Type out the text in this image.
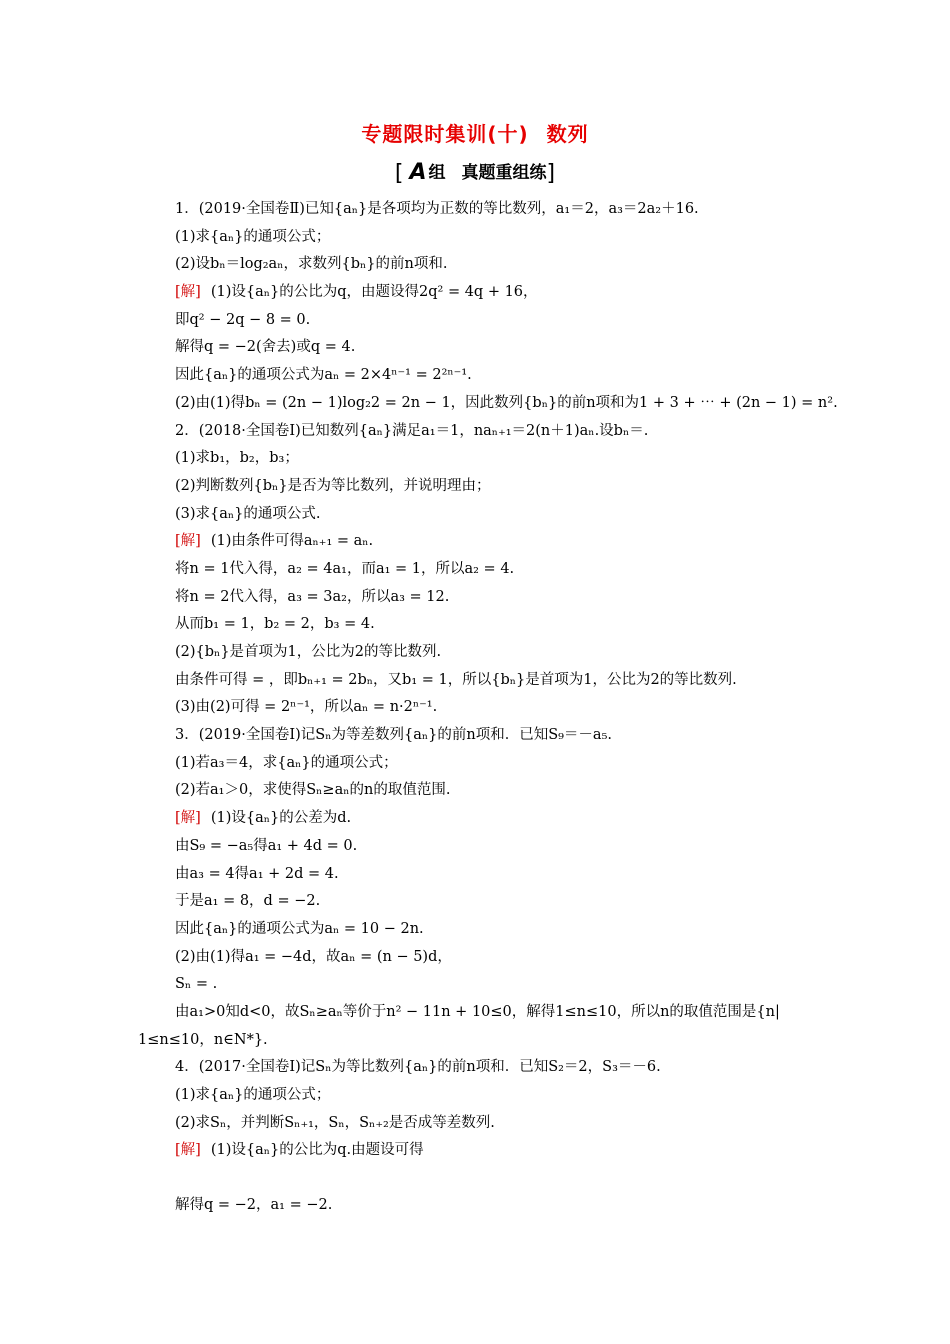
专题限时集训(十) 数列
[ A 组 真题重组练]
1．(2019·全国卷Ⅱ)已知{aₙ}是各项均为正数的等比数列，a₁＝2，a₃＝2a₂＋16.
(1)求{aₙ}的通项公式；
(2)设bₙ＝log₂aₙ，求数列{bₙ}的前n项和.
[解] (1)设{aₙ}的公比为q，由题设得2q² = 4q + 16，
即q² − 2q − 8 = 0.
解得q = −2(舍去)或q = 4.
因此{aₙ}的通项公式为aₙ = 2×4ⁿ⁻¹ = 2²ⁿ⁻¹.
(2)由(1)得bₙ = (2n − 1)log₂2 = 2n − 1，因此数列{bₙ}的前n项和为1 + 3 + ⋯ + (2n − 1) = n².
2．(2018·全国卷Ⅰ)已知数列{aₙ}满足a₁＝1，naₙ₊₁＝2(n＋1)aₙ.设bₙ＝.
(1)求b₁，b₂，b₃；
(2)判断数列{bₙ}是否为等比数列，并说明理由；
(3)求{aₙ}的通项公式.
[解] (1)由条件可得aₙ₊₁ = aₙ.
将n = 1代入得，a₂ = 4a₁，而a₁ = 1，所以a₂ = 4.
将n = 2代入得，a₃ = 3a₂，所以a₃ = 12.
从而b₁ = 1，b₂ = 2，b₃ = 4.
(2){bₙ}是首项为1，公比为2的等比数列.
由条件可得 = ，即bₙ₊₁ = 2bₙ，又b₁ = 1，所以{bₙ}是首项为1，公比为2的等比数列.
(3)由(2)可得 = 2ⁿ⁻¹，所以aₙ = n·2ⁿ⁻¹.
3．(2019·全国卷Ⅰ)记Sₙ为等差数列{aₙ}的前n项和．已知S₉＝－a₅.
(1)若a₃＝4，求{aₙ}的通项公式；
(2)若a₁＞0，求使得Sₙ≥aₙ的n的取值范围.
[解] (1)设{aₙ}的公差为d.
由S₉ = −a₅得a₁ + 4d = 0.
由a₃ = 4得a₁ + 2d = 4.
于是a₁ = 8，d = −2.
因此{aₙ}的通项公式为aₙ = 10 − 2n.
(2)由(1)得a₁ = −4d，故aₙ = (n − 5)d，
Sₙ = .
由a₁>0知d<0，故Sₙ≥aₙ等价于n² − 11n + 10≤0，解得1≤n≤10，所以n的取值范围是{n|
1≤n≤10，n∈N*}.
4．(2017·全国卷Ⅰ)记Sₙ为等比数列{aₙ}的前n项和．已知S₂＝2，S₃＝－6.
(1)求{aₙ}的通项公式；
(2)求Sₙ，并判断Sₙ₊₁，Sₙ，Sₙ₊₂是否成等差数列.
[解] (1)设{aₙ}的公比为q.由题设可得
解得q = −2，a₁ = −2.
